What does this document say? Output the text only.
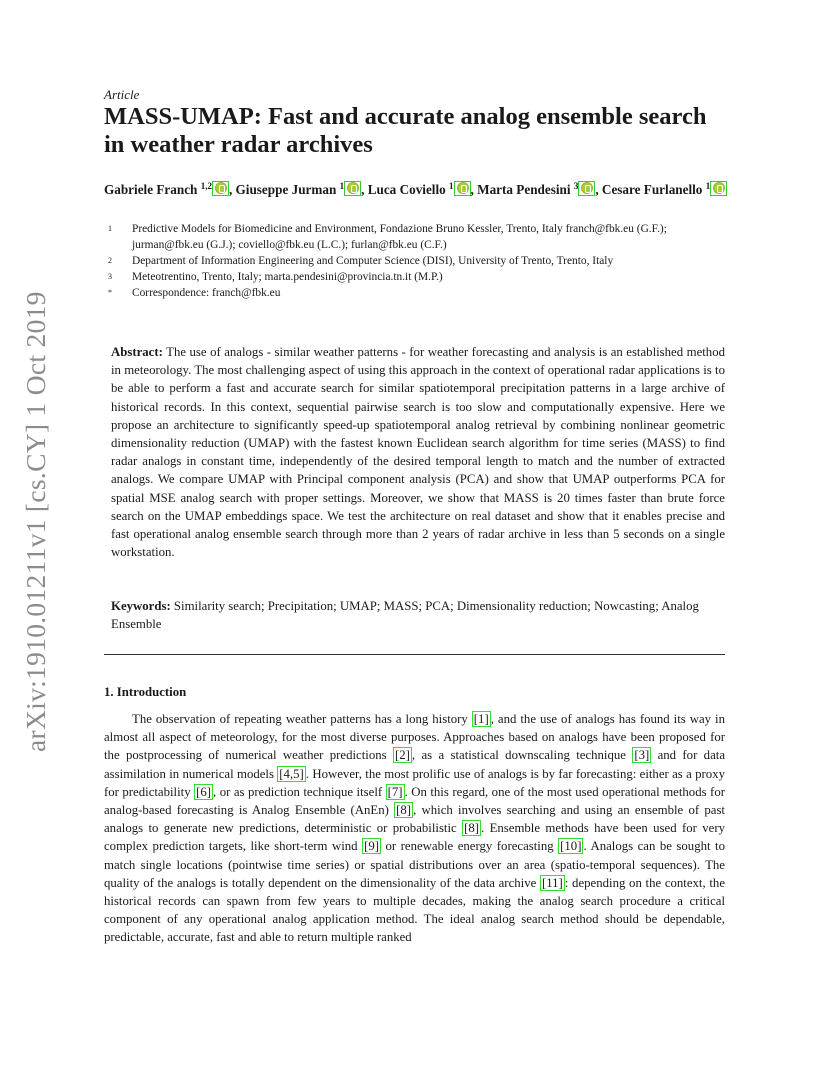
arXiv:1910.01211v1 [cs.CY] 1 Oct 2019
Article
MASS-UMAP: Fast and accurate analog ensemble search in weather radar archives
Gabriele Franch $^{1,2}$ , Giuseppe Jurman $^1$ , Luca Coviello $^1$ , Marta Pendesini $^3$ , Cesare Furlanello $^1$
1	Predictive Models for Biomedicine and Environment, Fondazione Bruno Kessler, Trento, Italy franch@fbk.eu (G.F.); jurman@fbk.eu (G.J.); coviello@fbk.eu (L.C.); furlan@fbk.eu (C.F.)
2	Department of Information Engineering and Computer Science (DISI), University of Trento, Trento, Italy
3	Meteotrentino, Trento, Italy; marta.pendesini@provincia.tn.it (M.P.)
*	Correspondence: franch@fbk.eu
Abstract: The use of analogs - similar weather patterns - for weather forecasting and analysis is an established method in meteorology. The most challenging aspect of using this approach in the context of operational radar applications is to be able to perform a fast and accurate search for similar spatiotemporal precipitation patterns in a large archive of historical records. In this context, sequential pairwise search is too slow and computationally expensive. Here we propose an architecture to significantly speed-up spatiotemporal analog retrieval by combining nonlinear geometric dimensionality reduction (UMAP) with the fastest known Euclidean search algorithm for time series (MASS) to find radar analogs in constant time, independently of the desired temporal length to match and the number of extracted analogs. We compare UMAP with Principal component analysis (PCA) and show that UMAP outperforms PCA for spatial MSE analog search with proper settings. Moreover, we show that MASS is 20 times faster than brute force search on the UMAP embeddings space. We test the architecture on real dataset and show that it enables precise and fast operational analog ensemble search through more than 2 years of radar archive in less than 5 seconds on a single workstation.
Keywords: Similarity search; Precipitation; UMAP; MASS; PCA; Dimensionality reduction; Nowcasting; Analog Ensemble
1. Introduction
The observation of repeating weather patterns has a long history [1] , and the use of analogs has found its way in almost all aspect of meteorology, for the most diverse purposes. Approaches based on analogs have been proposed for the postprocessing of numerical weather predictions [2] , as a statistical downscaling technique [3] and for data assimilation in numerical models [4,5] . However, the most prolific use of analogs is by far forecasting: either as a proxy for predictability [6] , or as prediction technique itself [7] . On this regard, one of the most used operational methods for analog-based forecasting is Analog Ensemble (AnEn) [8] , which involves searching and using an ensemble of past analogs to generate new predictions, deterministic or probabilistic [8] . Ensemble methods have been used for very complex prediction targets, like short-term wind [9] or renewable energy forecasting [10] . Analogs can be sought to match single locations (pointwise time series) or spatial distributions over an area (spatio-temporal sequences). The quality of the analogs is totally dependent on the dimensionality of the data archive [11] : depending on the context, the historical records can spawn from few years to multiple decades, making the analog search procedure a critical component of any operational analog application method. The ideal analog search method should be dependable, predictable, accurate, fast and able to return multiple ranked
